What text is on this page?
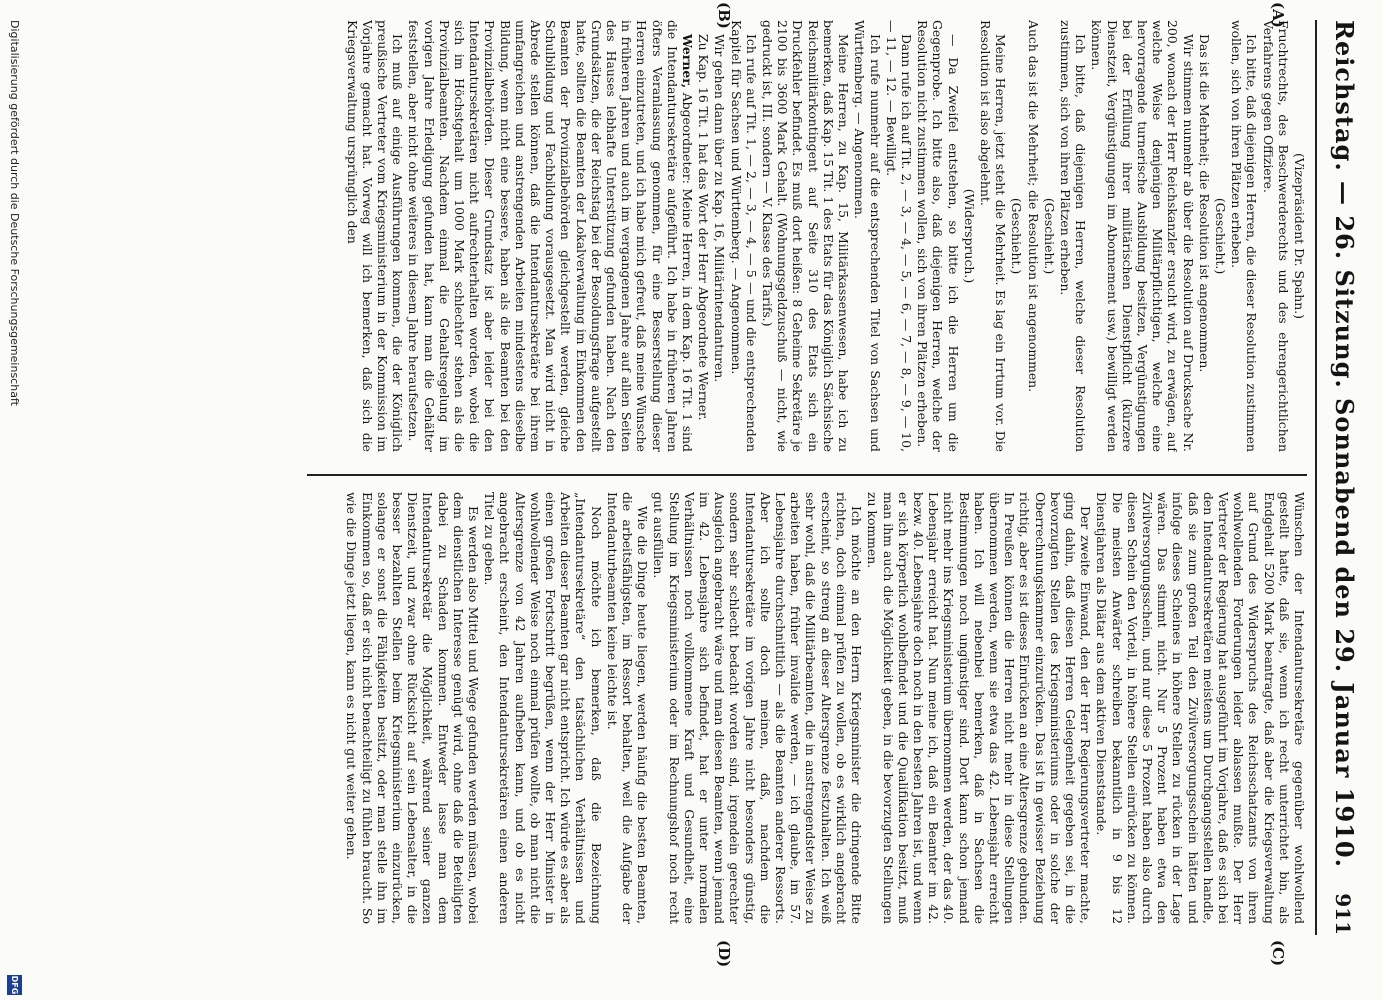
Reichstag. — 26. Sitzung. Sonnabend den 29. Januar 1910.
911
(A)
(B)
(C)
(D)

(Vizepräsident Dr. Spahn.)

Fruchtrechts, des Beschwerderechts und des ehrengerichtlichen Verfahrens gegen Offiziere.

Ich bitte, daß diejenigen Herren, die dieser Resolution zustimmen wollen, sich von ihren Plätzen erheben.

(Geschieht.)

Das ist die Mehrheit; die Resolution ist angenommen.

Wir stimmen nunmehr ab über die Resolution auf Drucksache Nr. 200, wonach der Herr Reichskanzler ersucht wird, zu erwägen, auf welche Weise denjenigen Militärpflichtigen, welche eine hervorragende turnerische Ausbildung besitzen, Vergünstigungen bei der Erfüllung ihrer militärischen Dienstpflicht (kürzere Dienstzeit, Vergünstigungen im Abonnement usw.) bewilligt werden können.

Ich bitte, daß diejenigen Herren, welche dieser Resolution zustimmen, sich von ihren Plätzen erheben.

(Geschieht.)

Auch das ist die Mehrheit; die Resolution ist angenommen.

(Geschieht.)

Meine Herren, jetzt steht die Mehrheit. Es lag ein Irrtum vor. Die Resolution ist also abgelehnt.

(Widerspruch.)

— Da Zweifel entstehen, so bitte ich die Herren um die Gegenprobe. Ich bitte also, daß diejenigen Herren, welche der Resolution nicht zustimmen wollen, sich von ihren Plätzen erheben.

Dann rufe ich auf Tit. 2, — 3, — 4, — 5, — 6, — 7, — 8, — 9, — 10, — 11, — 12. — Bewilligt.

Ich rufe nunmehr auf die entsprechenden Titel von Sachsen und Württemberg. — Angenommen.

Meine Herren, zu Kap. 15, Militärkassenwesen, habe ich zu bemerken, daß Kap. 15 Tit. 1 des Etats für das Königlich Sächsische Reichsmilitärkontingent auf Seite 310 des Etats sich ein Druckfehler befindet. Es muß dort heißen: 8 Geheime Sekretäre je 2100 bis 3600 Mark Gehalt. (Wohnungsgeldzuschuß — nicht, wie gedruckt ist, III. sondern — V. Klasse des Tarifs.)

Ich rufe auf Tit. 1, — 2, — 3, — 4, — 5 — und die entsprechenden Kapitel für Sachsen und Württemberg. — Angenommen.

Wir gehen dann über zu Kap. 16, Militärintendanturen.

Zu Kap. 16 Tit. 1 hat das Wort der Herr Abgeordnete Werner.

Werner, Abgeordneter: Meine Herren, in dem Kap. 16 Tit. 1 sind die Intendantursekretäre aufgeführt. Ich habe in früheren Jahren öfters Veranlassung genommen, für eine Besserstellung dieser Herren einzutreten, und ich habe mich gefreut, daß meine Wünsche in früheren Jahren und auch im vergangenen Jahre auf allen Seiten des Hauses lebhafte Unterstützung gefunden haben. Nach den Grundsätzen, die der Reichstag bei der Besoldungsfrage aufgestellt hatte, sollten die Beamten der Lokalverwaltung im Einkommen den Beamten der Provinzialbehörden gleichgestellt werden, gleiche Schulbildung und Fachbildung vorausgesetzt. Man wird nicht in Abrede stellen können, daß die Intendantursekretäre bei ihrem umfangreichen und anstrengenden Arbeiten mindestens dieselbe Bildung, wenn nicht eine bessere, haben als die Beamten bei den Provinzialbehörden. Dieser Grundsatz ist aber leider bei den Intendantursekretären nicht aufrechterhalten worden, wobei die sich im Höchstgehalt um 1000 Mark schlechter stehen als die Provinzialbeamten. Nachdem einmal die Gehaltsregelung im vorigen Jahre Erledigung gefunden hat, kann man die Gehälter feststellen, aber nicht ohne weiteres in diesem Jahre heraufsetzen.

Ich muß auf einige Ausführungen kommen, die der Königlich preußische Vertreter vom Kriegsministerium in der Kommission im Vorjahre gemacht hat. Vorweg will ich bemerken, daß sich die Kriegsverwaltung ursprünglich den

Wünschen der Intendantursekretäre gegenüber wohlwollend gestellt hatte, daß sie, wenn ich recht unterrichtet bin, als Endgehalt 5200 Mark beantragte, daß aber die Kriegsverwaltung auf Grund des Widerspruchs des Reichsschatzamts von ihren wohlwollenden Forderungen leider ablassen mußte. Der Herr Vertreter der Regierung hat ausgeführt im Vorjahre, daß es sich bei den Intendantursekretären meistens um Durchgangsstellen handle, daß sie zum großen Teil den Zivilversorgungsschein hätten und infolge dieses Scheines in höhere Stellen zu rücken in der Lage wären. Das stimmt nicht. Nur 5 Prozent haben etwa den Zivilversorgungsschein, und nur diese 5 Prozent haben also durch diesen Schein den Vorteil, in höhere Stellen einrücken zu können. Die meisten Anwärter schreiben bekanntlich in 9 bis 12 Dienstjahren als Diätar aus dem aktiven Dienststande.

Der zweite Einwand, den der Herr Regierungsvertreter machte, ging dahin, daß diesen Herren Gelegenheit gegeben sei, in die bevorzugten Stellen des Kriegsministeriums oder in solche der Oberrechnungskammer einzurücken. Das ist in gewisser Beziehung richtig, aber es ist dieses Einrücken an eine Altersgrenze gebunden. In Preußen können die Herren nicht mehr in diese Stellungen übernommen werden, wenn sie etwa das 42. Lebensjahr erreicht haben. Ich will nebenbei bemerken, daß in Sachsen die Bestimmungen noch ungünstiger sind. Dort kann schon jemand nicht mehr ins Kriegsministerium übernommen werden, der das 40. Lebensjahr erreicht hat. Nun meine ich, daß ein Beamter im 42. bezw. 40. Lebensjahre doch noch in den besten Jahren ist, und wenn er sich körperlich wohlbefindet und die Qualifikation besitzt, muß man ihm auch die Möglichkeit geben, in die bevorzugten Stellungen zu kommen.

Ich möchte an den Herrn Kriegsminister die dringende Bitte richten, doch einmal prüfen zu wollen, ob es wirklich angebracht erscheint, so streng an dieser Altersgrenze festzuhalten. Ich weiß sehr wohl, daß die Militärbeamten, die in anstrengendster Weise zu arbeiten haben, früher invalide werden, — ich glaube, im 57. Lebensjahre durchschnittlich — als die Beamten anderer Ressorts. Aber ich sollte doch meinen, daß, nachdem die Intendantursekretäre im vorigen Jahre nicht besonders günstig, sondern sehr schlecht bedacht worden sind, irgendein gerechter Ausgleich angebracht wäre und man diesen Beamten, wenn jemand im 42. Lebensjahre sich befindet, hat er unter normalen Verhältnissen noch vollkommene Kraft und Gesundheit, eine Stellung im Kriegsministerium oder im Rechnungshof noch recht gut ausfüllen.

Wie die Dinge heute liegen, werden häufig die besten Beamten, die arbeitsfähigsten, im Ressort behalten, weil die Aufgabe der Intendanturbeamten keine leichte ist.

Noch möchte ich bemerken, daß die Bezeichnung „Intendantursekretäre“ den tatsächlichen Verhältnissen und Arbeiten dieser Beamten gar nicht entspricht. Ich würde es aber als einen großen Fortschritt begrüßen, wenn der Herr Minister in wohlwollender Weise noch einmal prüfen wollte, ob man nicht die Altersgrenze von 42 Jahren aufheben kann, und ob es nicht angebracht erscheint, den Intendantursekretären einen anderen Titel zu geben.

Es werden also Mittel und Wege gefunden werden müssen, wobei dem dienstlichen Interesse genügt wird, ohne daß die Beteiligten dabei zu Schaden kommen. Entweder lasse man dem Intendantursekretär die Möglichkeit, während seiner ganzen Dienstzeit, und zwar ohne Rücksicht auf sein Lebensalter, in die besser bezahlten Stellen beim Kriegsministerium einzurücken, solange er sonst die Fähigkeiten besitzt, oder man stelle ihn im Einkommen so, daß er sich nicht benachteiligt zu fühlen braucht. So wie die Dinge jetzt liegen, kann es nicht gut weiter gehen.

Digitalisierung gefördert durch die Deutsche Forschungsgemeinschaft
DFG
